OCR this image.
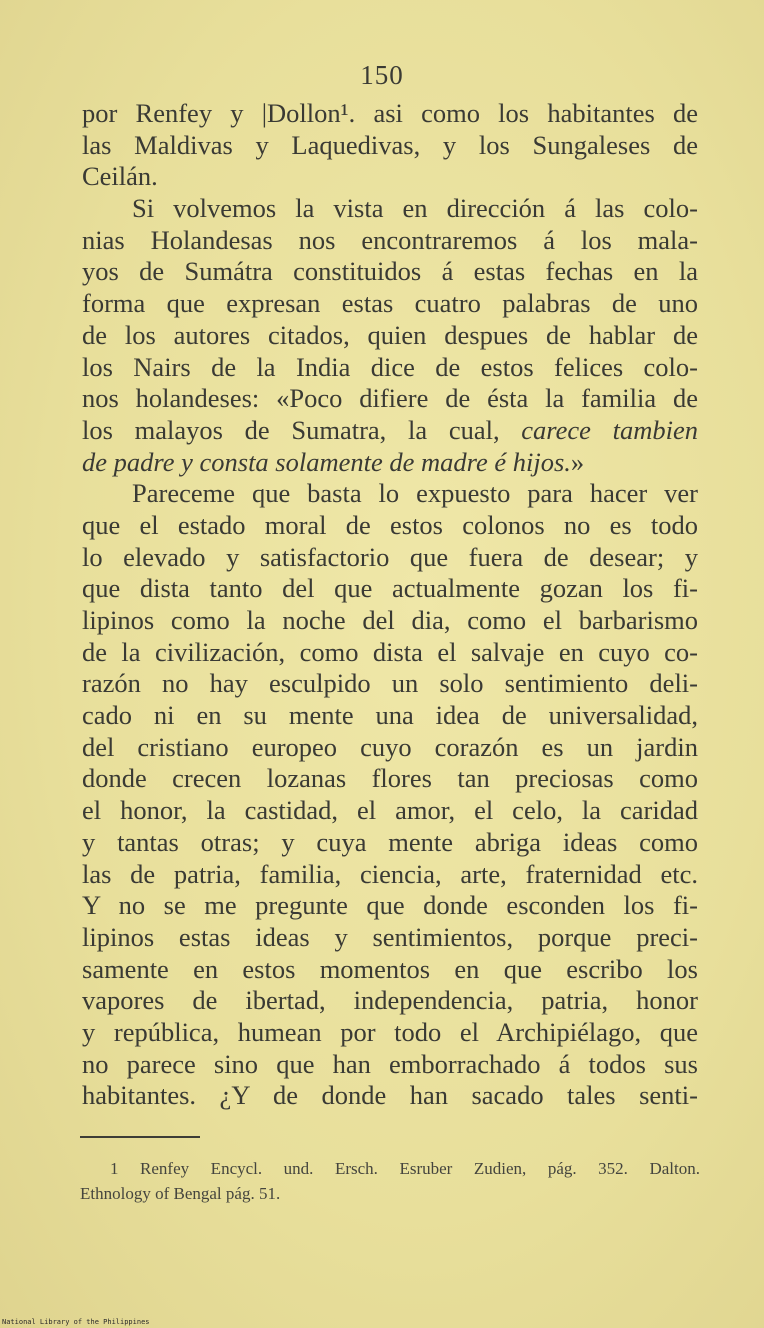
150
por Renfey y |Dollon¹. asi como los habitantes de
las Maldivas y Laquedivas, y los Sungaleses de
Ceilán.
Si volvemos la vista en dirección á las colo-
nias Holandesas nos encontraremos á los mala-
yos de Sumátra constituidos á estas fechas en la
forma que expresan estas cuatro palabras de uno
de los autores citados, quien despues de hablar de
los Nairs de la India dice de estos felices colo-
nos holandeses: «Poco difiere de ésta la familia de
los malayos de Sumatra, la cual, carece tambien
de padre y consta solamente de madre é hijos.»
Pareceme que basta lo expuesto para hacer ver
que el estado moral de estos colonos no es todo
lo elevado y satisfactorio que fuera de desear; y
que dista tanto del que actualmente gozan los fi-
lipinos como la noche del dia, como el barbarismo
de la civilización, como dista el salvaje en cuyo co-
razón no hay esculpido un solo sentimiento deli-
cado ni en su mente una idea de universalidad,
del cristiano europeo cuyo corazón es un jardin
donde crecen lozanas flores tan preciosas como
el honor, la castidad, el amor, el celo, la caridad
y tantas otras; y cuya mente abriga ideas como
las de patria, familia, ciencia, arte, fraternidad etc.
Y no se me pregunte que donde esconden los fi-
lipinos estas ideas y sentimientos, porque preci-
samente en estos momentos en que escribo los
vapores de ibertad, independencia, patria, honor
y república, humean por todo el Archipiélago, que
no parece sino que han emborrachado á todos sus
habitantes. ¿Y de donde han sacado tales senti-
1 Renfey Encycl. und. Ersch. Esruber Zudien, pág. 352. Dalton.
Ethnology of Bengal pág. 51.
National Library of the Philippines
